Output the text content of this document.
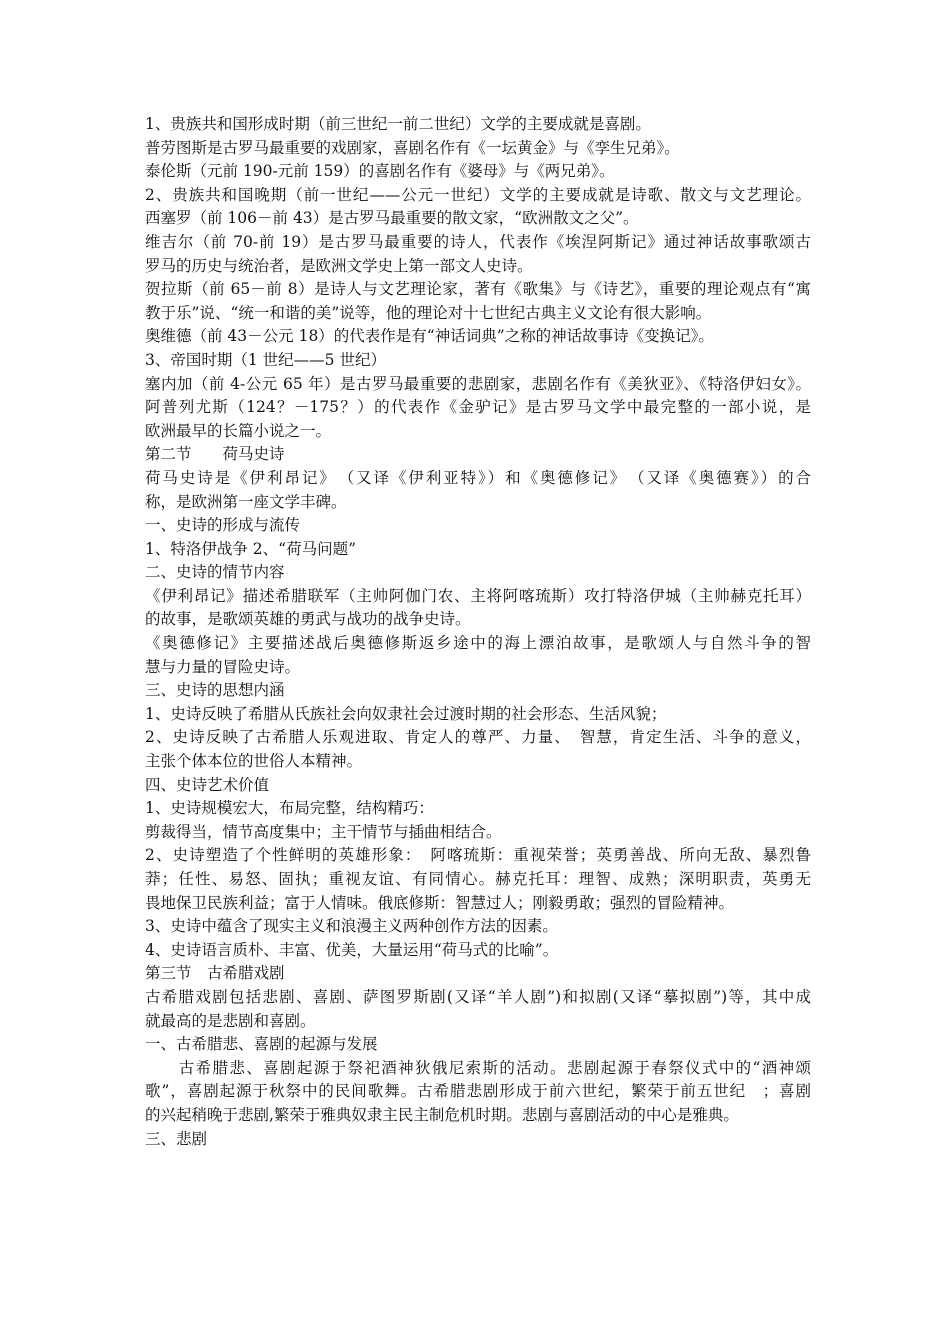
1、贵族共和国形成时期（前三世纪一前二世纪）文学的主要成就是喜剧。
普劳图斯是古罗马最重要的戏剧家，喜剧名作有《一坛黄金》与《孪生兄弟》。
泰伦斯（元前 190-元前 159）的喜剧名作有《婆母》与《两兄弟》。
2、贵族共和国晚期（前一世纪——公元一世纪）文学的主要成就是诗歌、散文与文艺理论。
西塞罗（前 106－前 43）是古罗马最重要的散文家，“欧洲散文之父”。
维吉尔（前 70-前 19）是古罗马最重要的诗人，代表作《埃涅阿斯记》通过神话故事歌颂古
罗马的历史与统治者，是欧洲文学史上第一部文人史诗。
贺拉斯（前 65－前 8）是诗人与文艺理论家，著有《歌集》与《诗艺》，重要的理论观点有“寓
教于乐”说、“统一和谐的美”说等，他的理论对十七世纪古典主义文论有很大影响。
奥维德（前 43－公元 18）的代表作是有“神话词典”之称的神话故事诗《变换记》。
3、帝国时期（1 世纪——5 世纪）
塞内加（前 4-公元 65 年）是古罗马最重要的悲剧家，悲剧名作有《美狄亚》、《特洛伊妇女》。
阿普列尤斯（124？－175？）的代表作《金驴记》是古罗马文学中最完整的一部小说，是
欧洲最早的长篇小说之一。
第二节　　荷马史诗
荷马史诗是《伊利昂记》　（又译《伊利亚特》）和《奥德修记》　（又译《奥德赛》）的合
称，是欧洲第一座文学丰碑。
一、史诗的形成与流传
1、特洛伊战争 2、“荷马问题”
二、史诗的情节内容
《伊利昂记》描述希腊联军（主帅阿伽门农、主将阿喀琉斯）攻打特洛伊城（主帅赫克托耳）
的故事，是歌颂英雄的勇武与战功的战争史诗。
《奥德修记》主要描述战后奥德修斯返乡途中的海上漂泊故事，是歌颂人与自然斗争的智
慧与力量的冒险史诗。
三、史诗的思想内涵
1、史诗反映了希腊从氏族社会向奴隶社会过渡时期的社会形态、生活风貌；
2、史诗反映了古希腊人乐观进取、肯定人的尊严、力量、　智慧，肯定生活、斗争的意义，
主张个体本位的世俗人本精神。
四、史诗艺术价值
1、史诗规模宏大，布局完整，结构精巧：
剪裁得当，情节高度集中；主干情节与插曲相结合。
2、史诗塑造了个性鲜明的英雄形象：　阿喀琉斯：重视荣誉；英勇善战、所向无敌、暴烈鲁
莽；任性、易怒、固执；重视友谊、有同情心。赫克托耳：理智、成熟；深明职责，英勇无
畏地保卫民族利益；富于人情味。俄底修斯：智慧过人；刚毅勇敢；强烈的冒险精神。
3、史诗中蕴含了现实主义和浪漫主义两种创作方法的因素。
4、史诗语言质朴、丰富、优美，大量运用“荷马式的比喻”。
第三节　古希腊戏剧
古希腊戏剧包括悲剧、喜剧、萨图罗斯剧(又译“羊人剧”)和拟剧(又译“摹拟剧”)等，其中成
就最高的是悲剧和喜剧。
一、古希腊悲、喜剧的起源与发展
　　古希腊悲、喜剧起源于祭祀酒神狄俄尼索斯的活动。悲剧起源于春祭仪式中的“酒神颂
歌”，喜剧起源于秋祭中的民间歌舞。古希腊悲剧形成于前六世纪，繁荣于前五世纪　；喜剧
的兴起稍晚于悲剧,繁荣于雅典奴隶主民主制危机时期。悲剧与喜剧活动的中心是雅典。
三、悲剧
